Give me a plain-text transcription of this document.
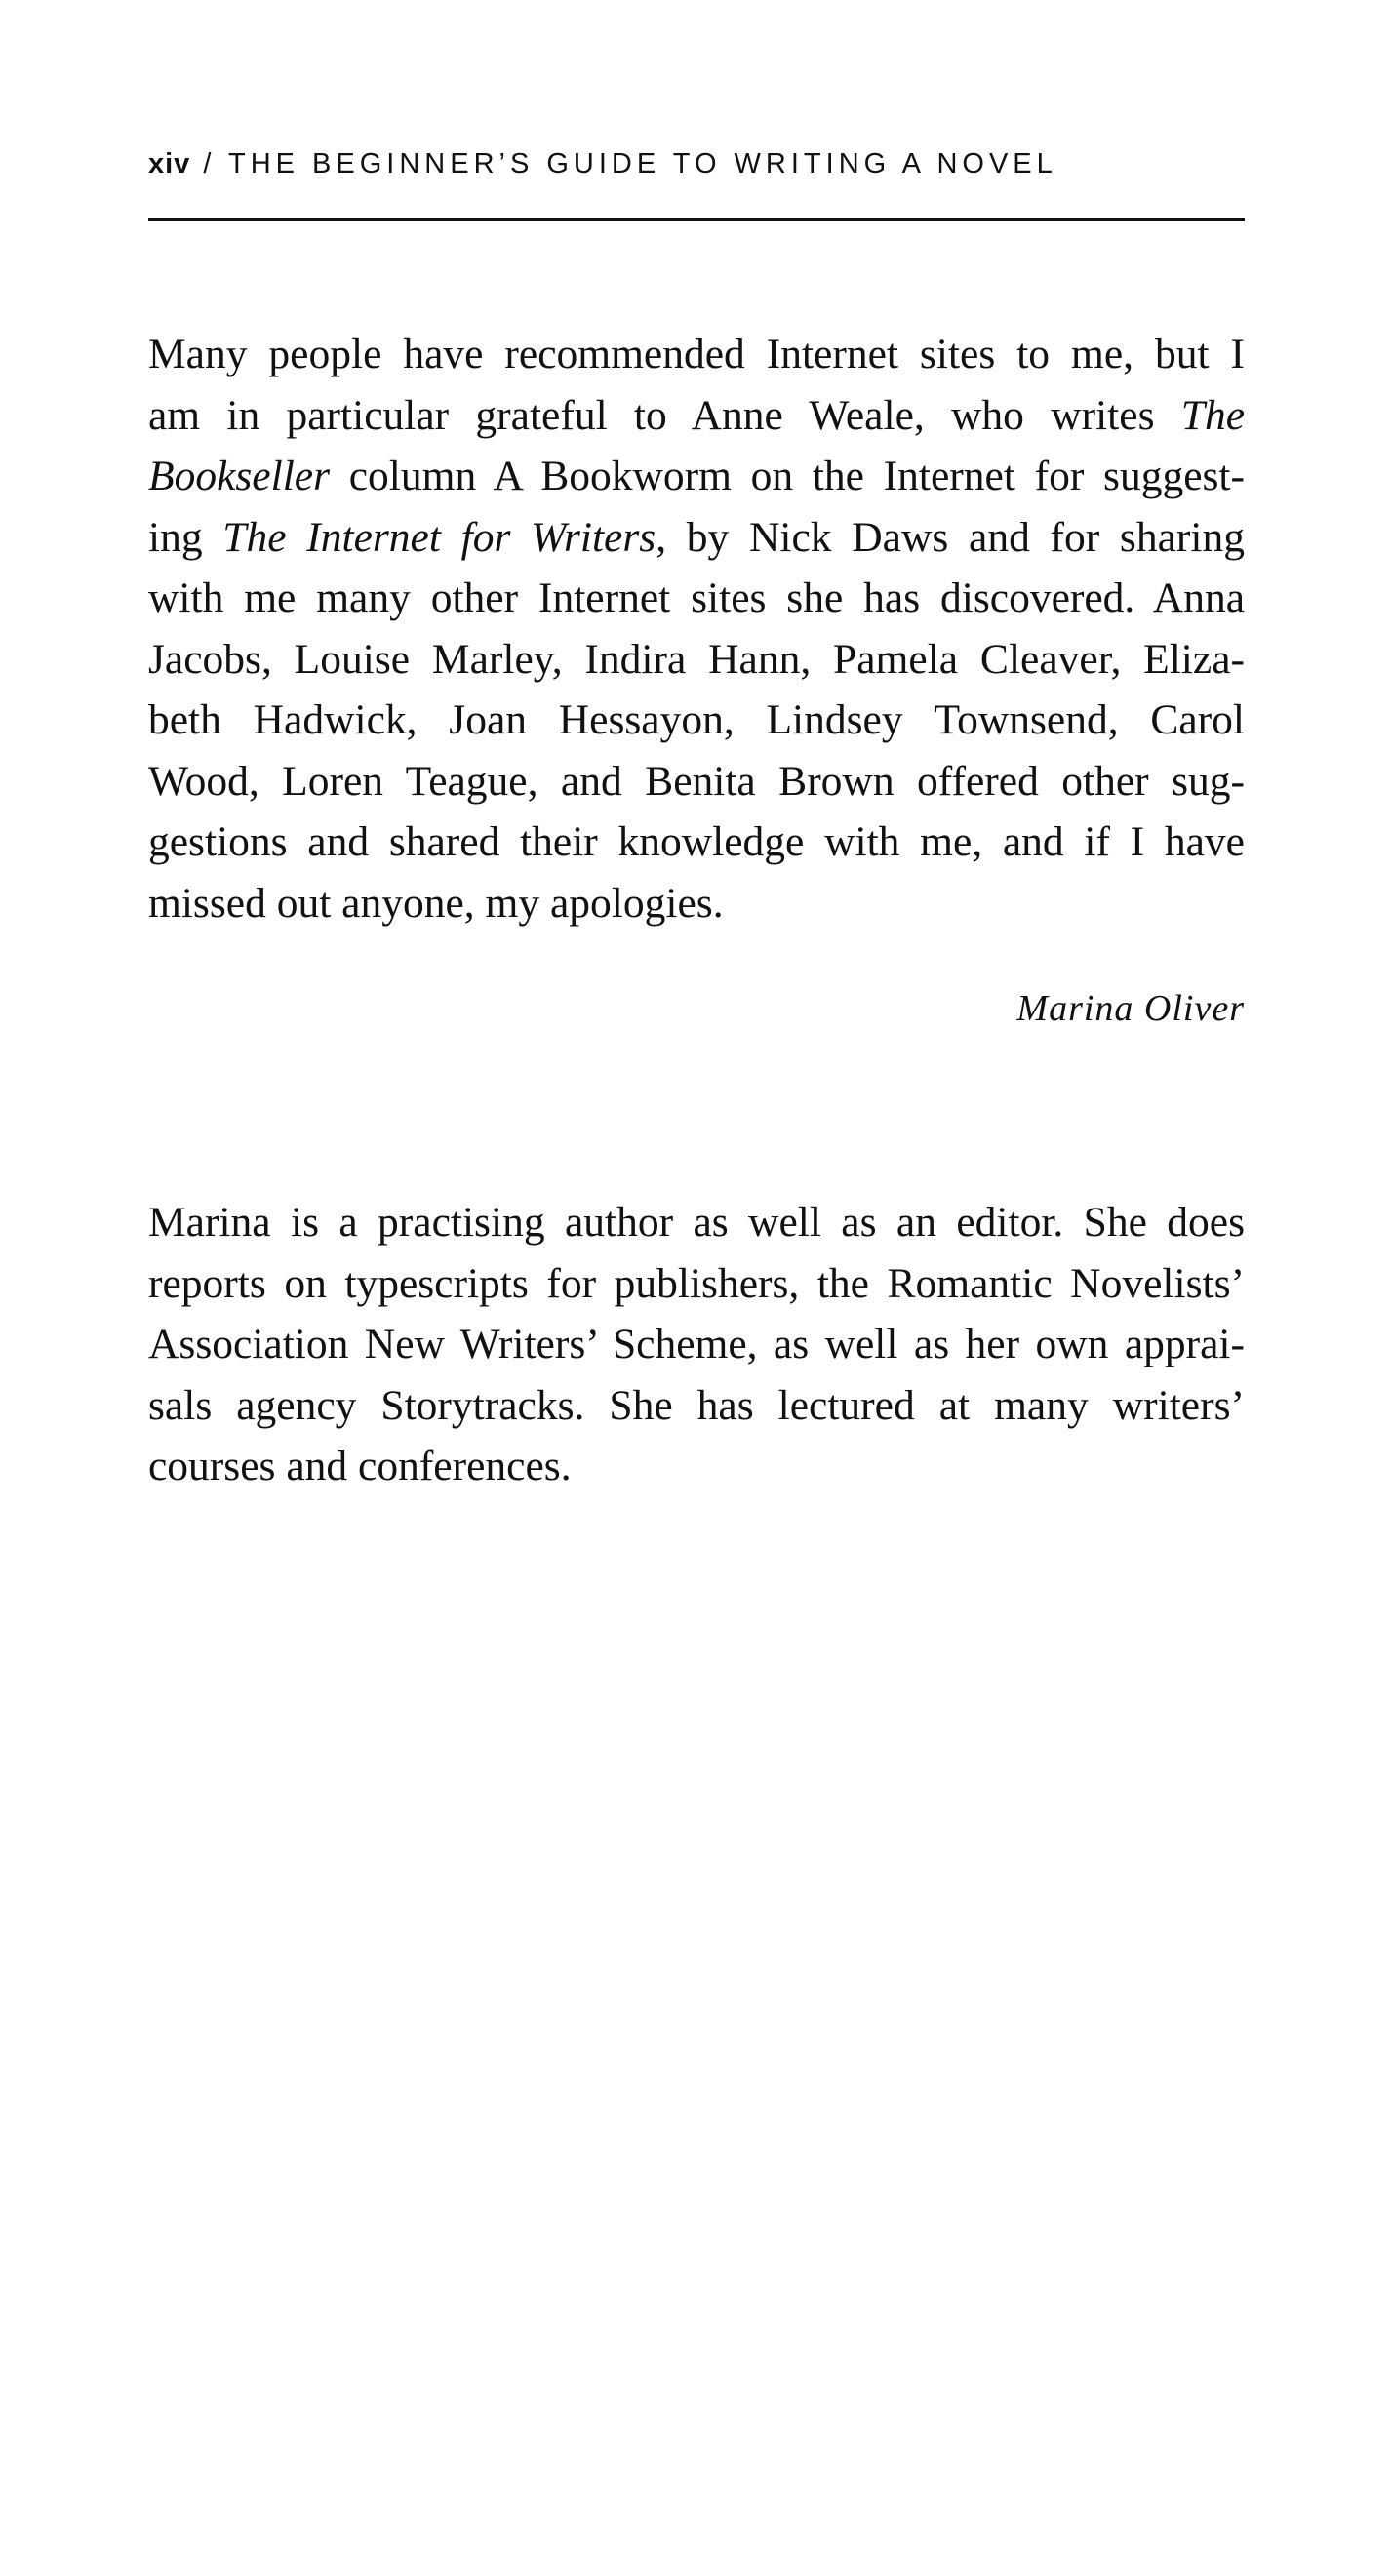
xiv / THE BEGINNER’S GUIDE TO WRITING A NOVEL

Many people have recommended Internet sites to me, but I
am in particular grateful to Anne Weale, who writes The
Bookseller column A Bookworm on the Internet for suggest-
ing The Internet for Writers, by Nick Daws and for sharing
with me many other Internet sites she has discovered. Anna
Jacobs, Louise Marley, Indira Hann, Pamela Cleaver, Eliza-
beth Hadwick, Joan Hessayon, Lindsey Townsend, Carol
Wood, Loren Teague, and Benita Brown offered other sug-
gestions and shared their knowledge with me, and if I have
missed out anyone, my apologies.

Marina Oliver

Marina is a practising author as well as an editor. She does
reports on typescripts for publishers, the Romantic Novelists’
Association New Writers’ Scheme, as well as her own apprai-
sals agency Storytracks. She has lectured at many writers’
courses and conferences.
